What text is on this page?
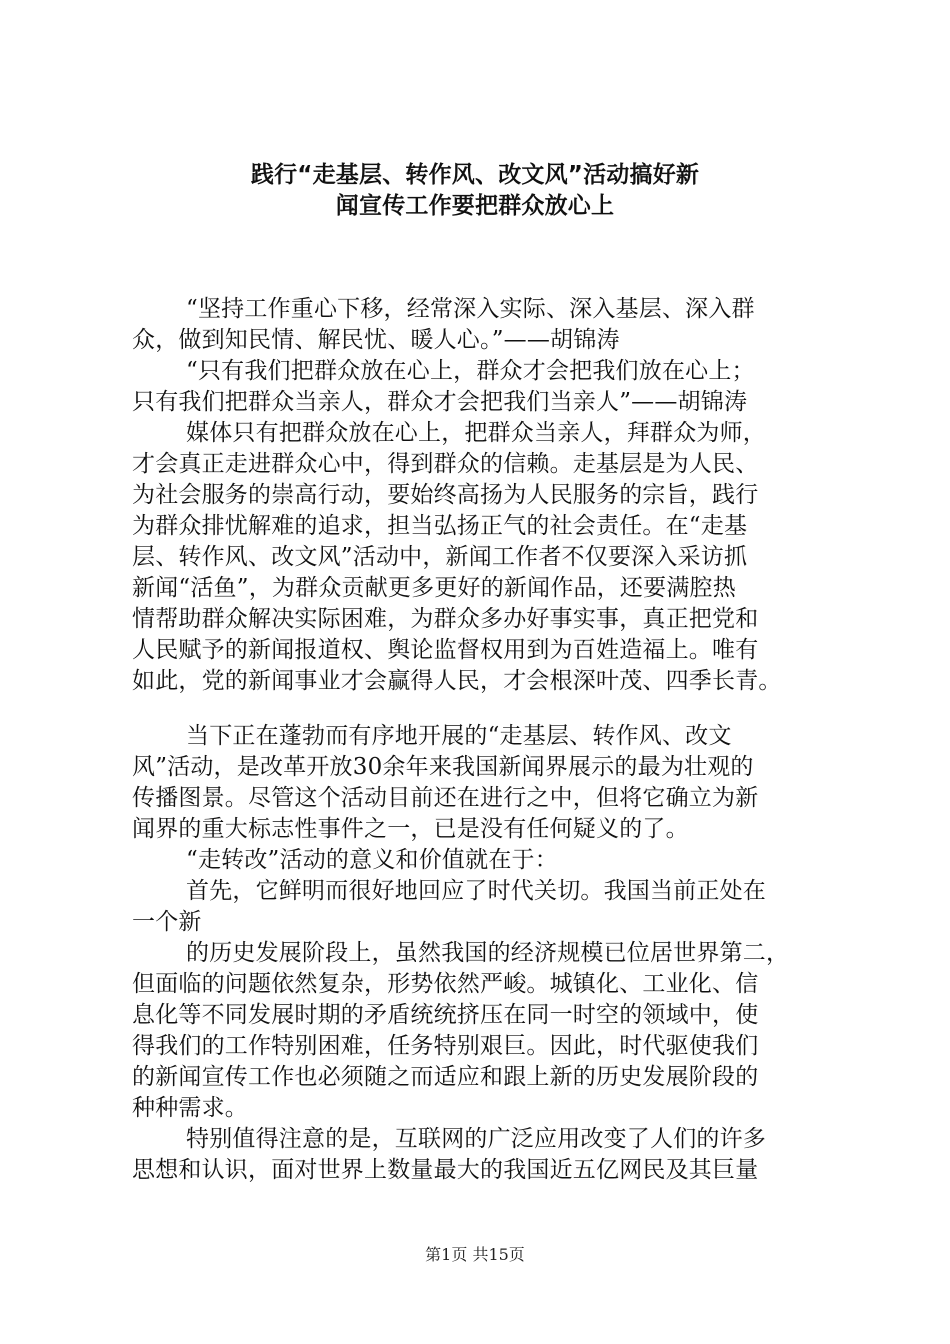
践行“走基层、转作风、改文风”活动搞好新
闻宣传工作要把群众放心上
“坚持工作重心下移，经常深入实际、深入基层、深入群
众，做到知民情、解民忧、暖人心。”——胡锦涛
“只有我们把群众放在心上，群众才会把我们放在心上；
只有我们把群众当亲人，群众才会把我们当亲人”——胡锦涛
媒体只有把群众放在心上，把群众当亲人，拜群众为师，
才会真正走进群众心中，得到群众的信赖。走基层是为人民、
为社会服务的崇高行动，要始终高扬为人民服务的宗旨，践行
为群众排忧解难的追求，担当弘扬正气的社会责任。在“走基
层、转作风、改文风”活动中，新闻工作者不仅要深入采访抓
新闻“活鱼”，为群众贡献更多更好的新闻作品，还要满腔热
情帮助群众解决实际困难，为群众多办好事实事，真正把党和
人民赋予的新闻报道权、舆论监督权用到为百姓造福上。唯有
如此，党的新闻事业才会赢得人民，才会根深叶茂、四季长青。
当下正在蓬勃而有序地开展的“走基层、转作风、改文
风”活动，是改革开放30余年来我国新闻界展示的最为壮观的
传播图景。尽管这个活动目前还在进行之中，但将它确立为新
闻界的重大标志性事件之一，已是没有任何疑义的了。
“走转改”活动的意义和价值就在于：
首先，它鲜明而很好地回应了时代关切。我国当前正处在
一个新
的历史发展阶段上，虽然我国的经济规模已位居世界第二，
但面临的问题依然复杂，形势依然严峻。城镇化、工业化、信
息化等不同发展时期的矛盾统统挤压在同一时空的领域中，使
得我们的工作特别困难，任务特别艰巨。因此，时代驱使我们
的新闻宣传工作也必须随之而适应和跟上新的历史发展阶段的
种种需求。
特别值得注意的是，互联网的广泛应用改变了人们的许多
思想和认识，面对世界上数量最大的我国近五亿网民及其巨量
第1页 共15页
